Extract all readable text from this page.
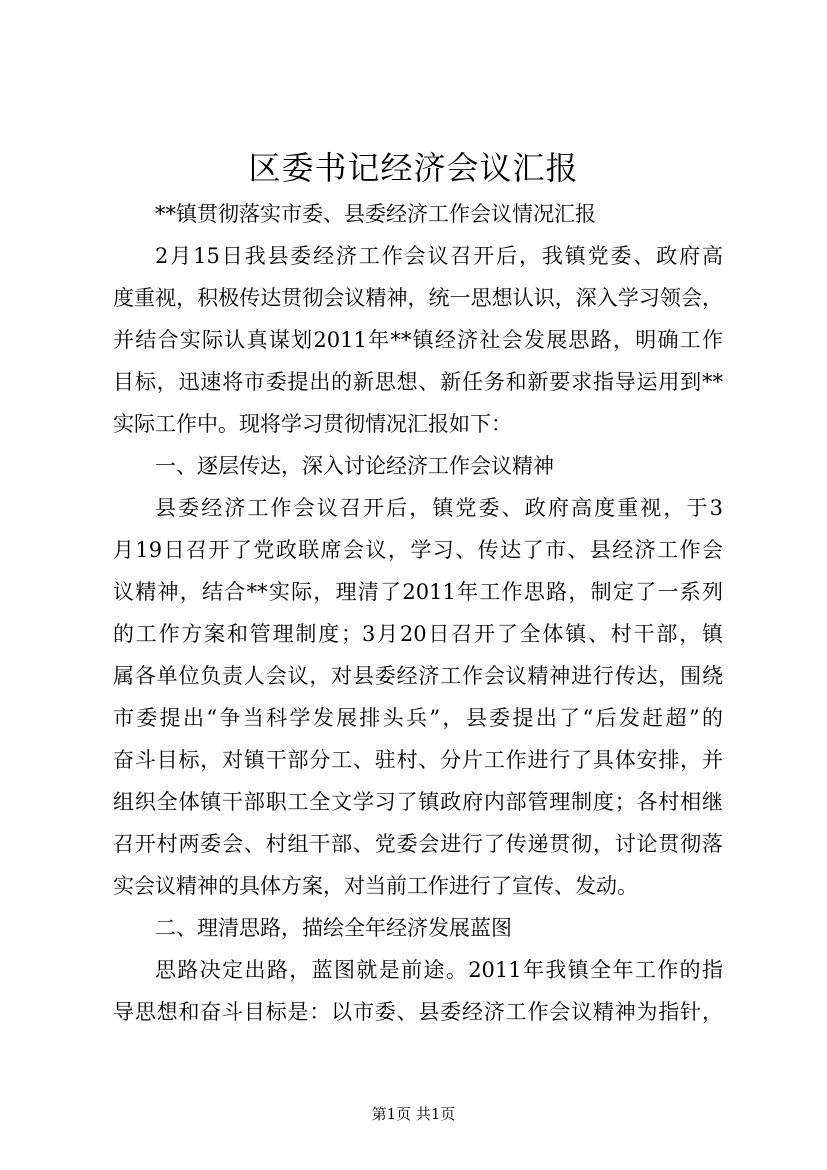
区委书记经济会议汇报
**镇贯彻落实市委、县委经济工作会议情况汇报
2月15日我县委经济工作会议召开后，我镇党委、政府高
度重视，积极传达贯彻会议精神，统一思想认识，深入学习领会，
并结合实际认真谋划2011年**镇经济社会发展思路，明确工作
目标，迅速将市委提出的新思想、新任务和新要求指导运用到**
实际工作中。现将学习贯彻情况汇报如下：
一、逐层传达，深入讨论经济工作会议精神
县委经济工作会议召开后，镇党委、政府高度重视，于3
月19日召开了党政联席会议，学习、传达了市、县经济工作会
议精神，结合**实际，理清了2011年工作思路，制定了一系列
的工作方案和管理制度；3月20日召开了全体镇、村干部，镇
属各单位负责人会议，对县委经济工作会议精神进行传达，围绕
市委提出“争当科学发展排头兵”，县委提出了“后发赶超”的
奋斗目标，对镇干部分工、驻村、分片工作进行了具体安排，并
组织全体镇干部职工全文学习了镇政府内部管理制度；各村相继
召开村两委会、村组干部、党委会进行了传递贯彻，讨论贯彻落
实会议精神的具体方案，对当前工作进行了宣传、发动。
二、理清思路，描绘全年经济发展蓝图
思路决定出路，蓝图就是前途。2011年我镇全年工作的指
导思想和奋斗目标是：以市委、县委经济工作会议精神为指针，
第1页 共1页
